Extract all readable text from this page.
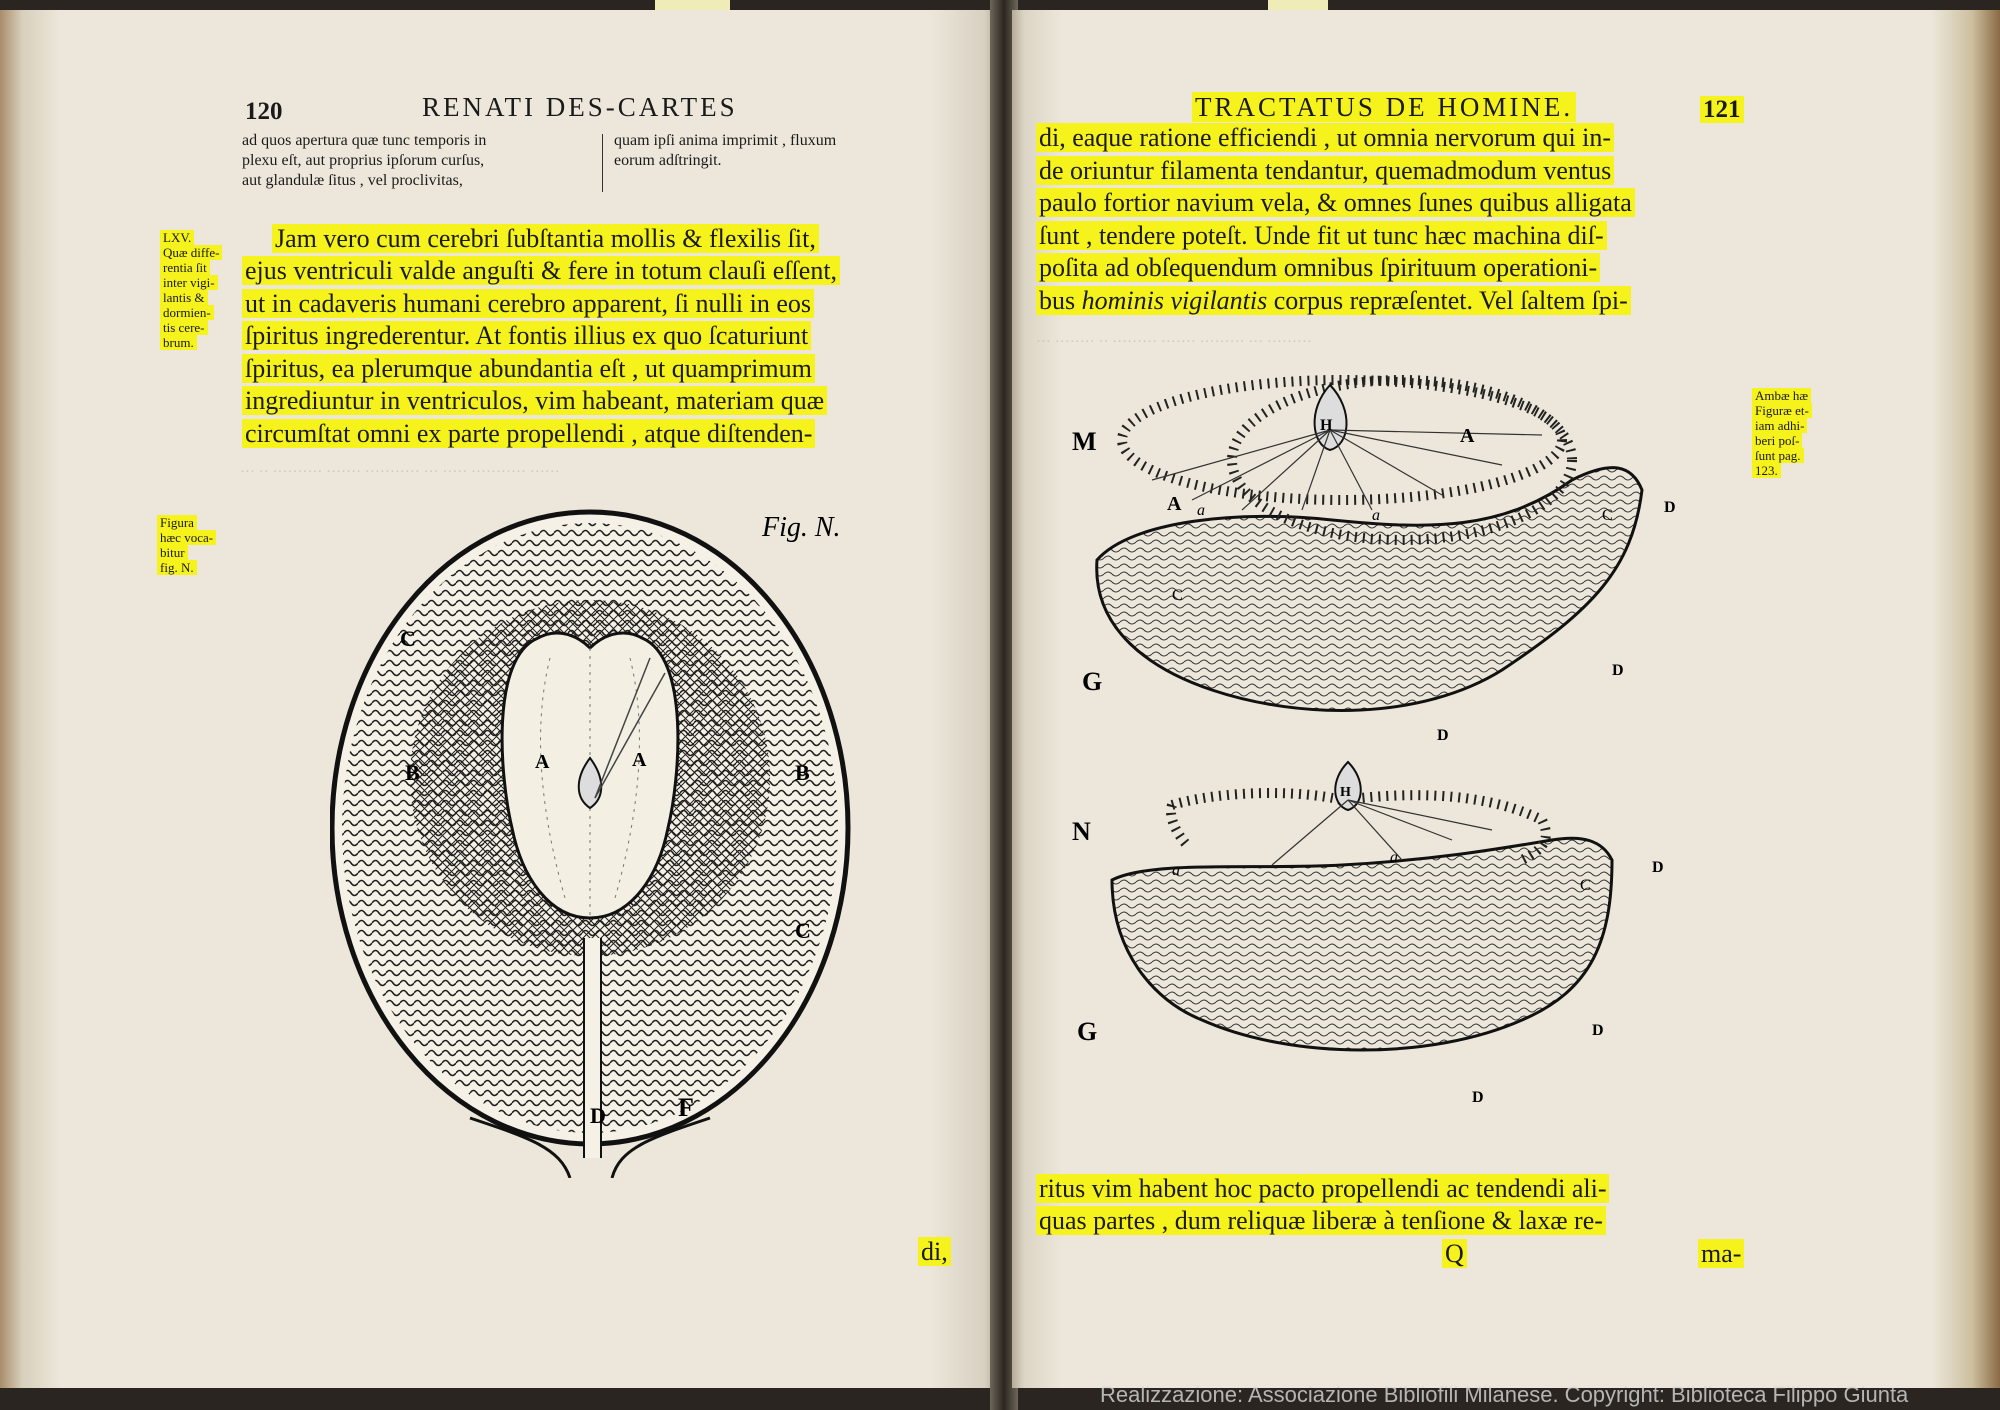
120	RENATI DES-CARTES
ad quos apertura quæ tunc temporis in
plexu eſt, aut proprius ipſorum curſus,
aut glandulæ ſitus , vel proclivitas,
quam ipſi anima imprimit , fluxum
eorum adſtringit.
LXV.
Quæ diffe-
rentia ſit
inter vigi-
lantis &
dormien-
tis cere-
brum.
Figura
hæc voca-
bitur
fig. N.
Jam vero cum cerebri ſubſtantia mollis & flexilis ſit,
ejus ventriculi valde anguſti & fere in totum clauſi eſſent,
ut in cadaveris humani cerebro apparent, ſi nulli in eos
ſpiritus ingrederentur. At fontis illius ex quo ſcaturiunt
ſpiritus, ea plerumque abundantia eſt , ut quamprimum
ingrediuntur in ventriculos, vim habeant, materiam quæ
circumſtat omni ex parte propellendi , atque diſtenden-
··· ·· ·········· ······· ··········· ··· ····· ··········· ······
Fig. N.
C
B	B
A	A
C
D	F
di,
TRACTATUS DE HOMINE.	121
di, eaque ratione efficiendi , ut omnia nervorum qui in-
de oriuntur filamenta tendantur, quemadmodum ventus
paulo fortior navium vela, & omnes ſunes quibus alligata
ſunt , tendere poteſt. Unde fit ut tunc hæc machina diſ-
poſita ad obſequendum omnibus ſpirituum operationi-
bus hominis vigilantis corpus repræſentet. Vel ſaltem ſpi-
··· ········ ·· ········· ······· ········· ··· ·········
Ambæ hæ
Figuræ et-
iam adhi-
beri poſ-
ſunt pag.
123.
M
H	A
A a	a
C
C	D
D
D
G
N
H
a
a
C
D
D
D
G
ritus vim habent hoc pacto propellendi ac tendendi ali-
quas partes , dum reliquæ liberæ à tenſione & laxæ re-
Q	ma-
Realizzazione: Associazione Bibliofili Milanese. Copyright: Biblioteca Filippo Giunta
